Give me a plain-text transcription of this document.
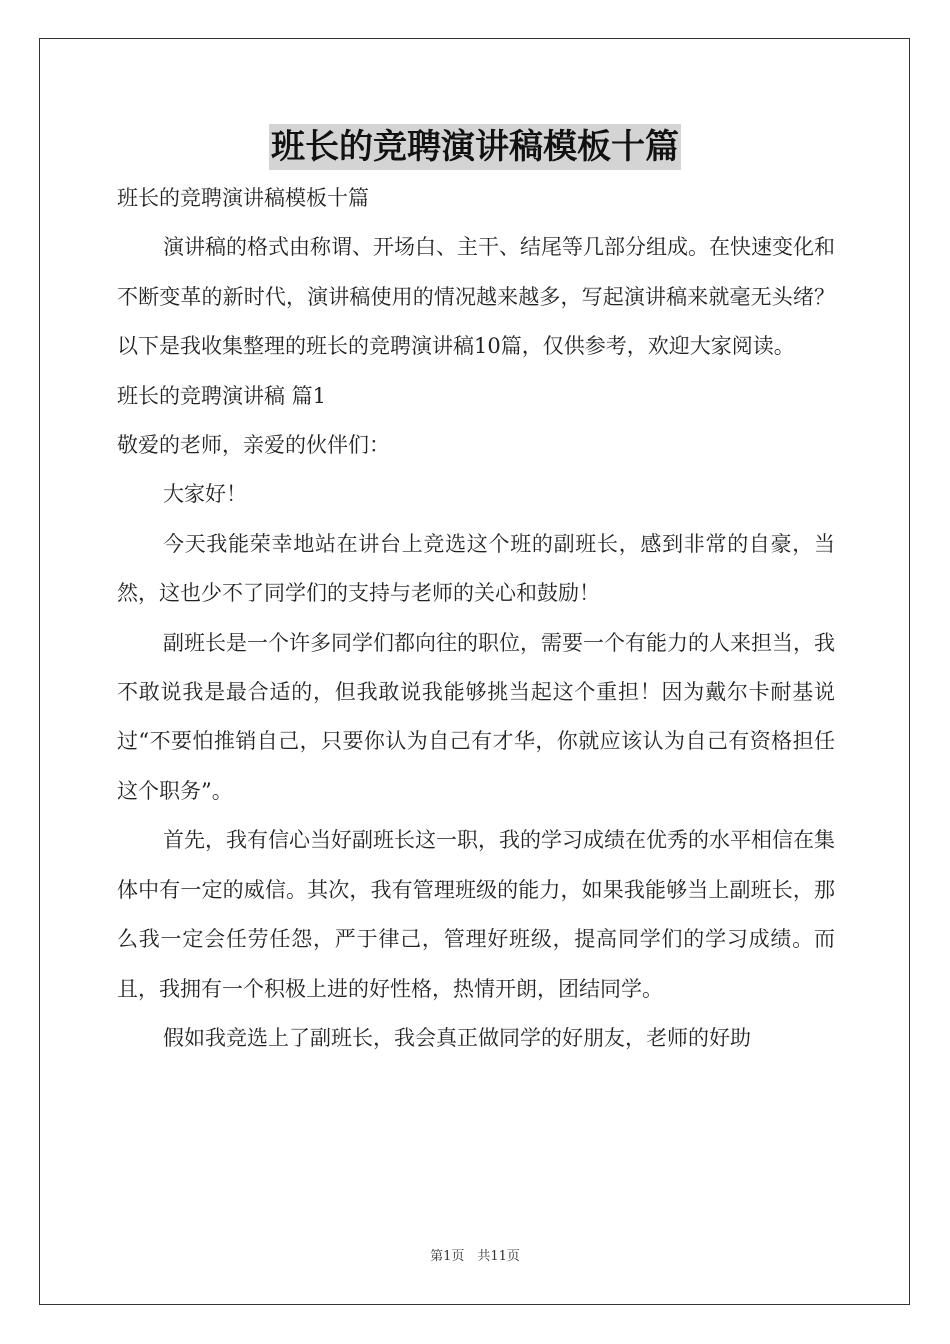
班长的竞聘演讲稿模板十篇

班长的竞聘演讲稿模板十篇

演讲稿的格式由称谓、开场白、主干、结尾等几部分组成。在快速变化和不断变革的新时代，演讲稿使用的情况越来越多，写起演讲稿来就毫无头绪？以下是我收集整理的班长的竞聘演讲稿10篇，仅供参考，欢迎大家阅读。

班长的竞聘演讲稿 篇1

敬爱的老师，亲爱的伙伴们：

大家好！

今天我能荣幸地站在讲台上竞选这个班的副班长，感到非常的自豪，当然，这也少不了同学们的支持与老师的关心和鼓励！

副班长是一个许多同学们都向往的职位，需要一个有能力的人来担当，我不敢说我是最合适的，但我敢说我能够挑当起这个重担！因为戴尔卡耐基说过“不要怕推销自己，只要你认为自己有才华，你就应该认为自己有资格担任这个职务”。

首先，我有信心当好副班长这一职，我的学习成绩在优秀的水平相信在集体中有一定的威信。其次，我有管理班级的能力，如果我能够当上副班长，那么我一定会任劳任怨，严于律己，管理好班级，提高同学们的学习成绩。而且，我拥有一个积极上进的好性格，热情开朗，团结同学。

假如我竞选上了副班长，我会真正做同学的好朋友，老师的好助

第1页　共11页
